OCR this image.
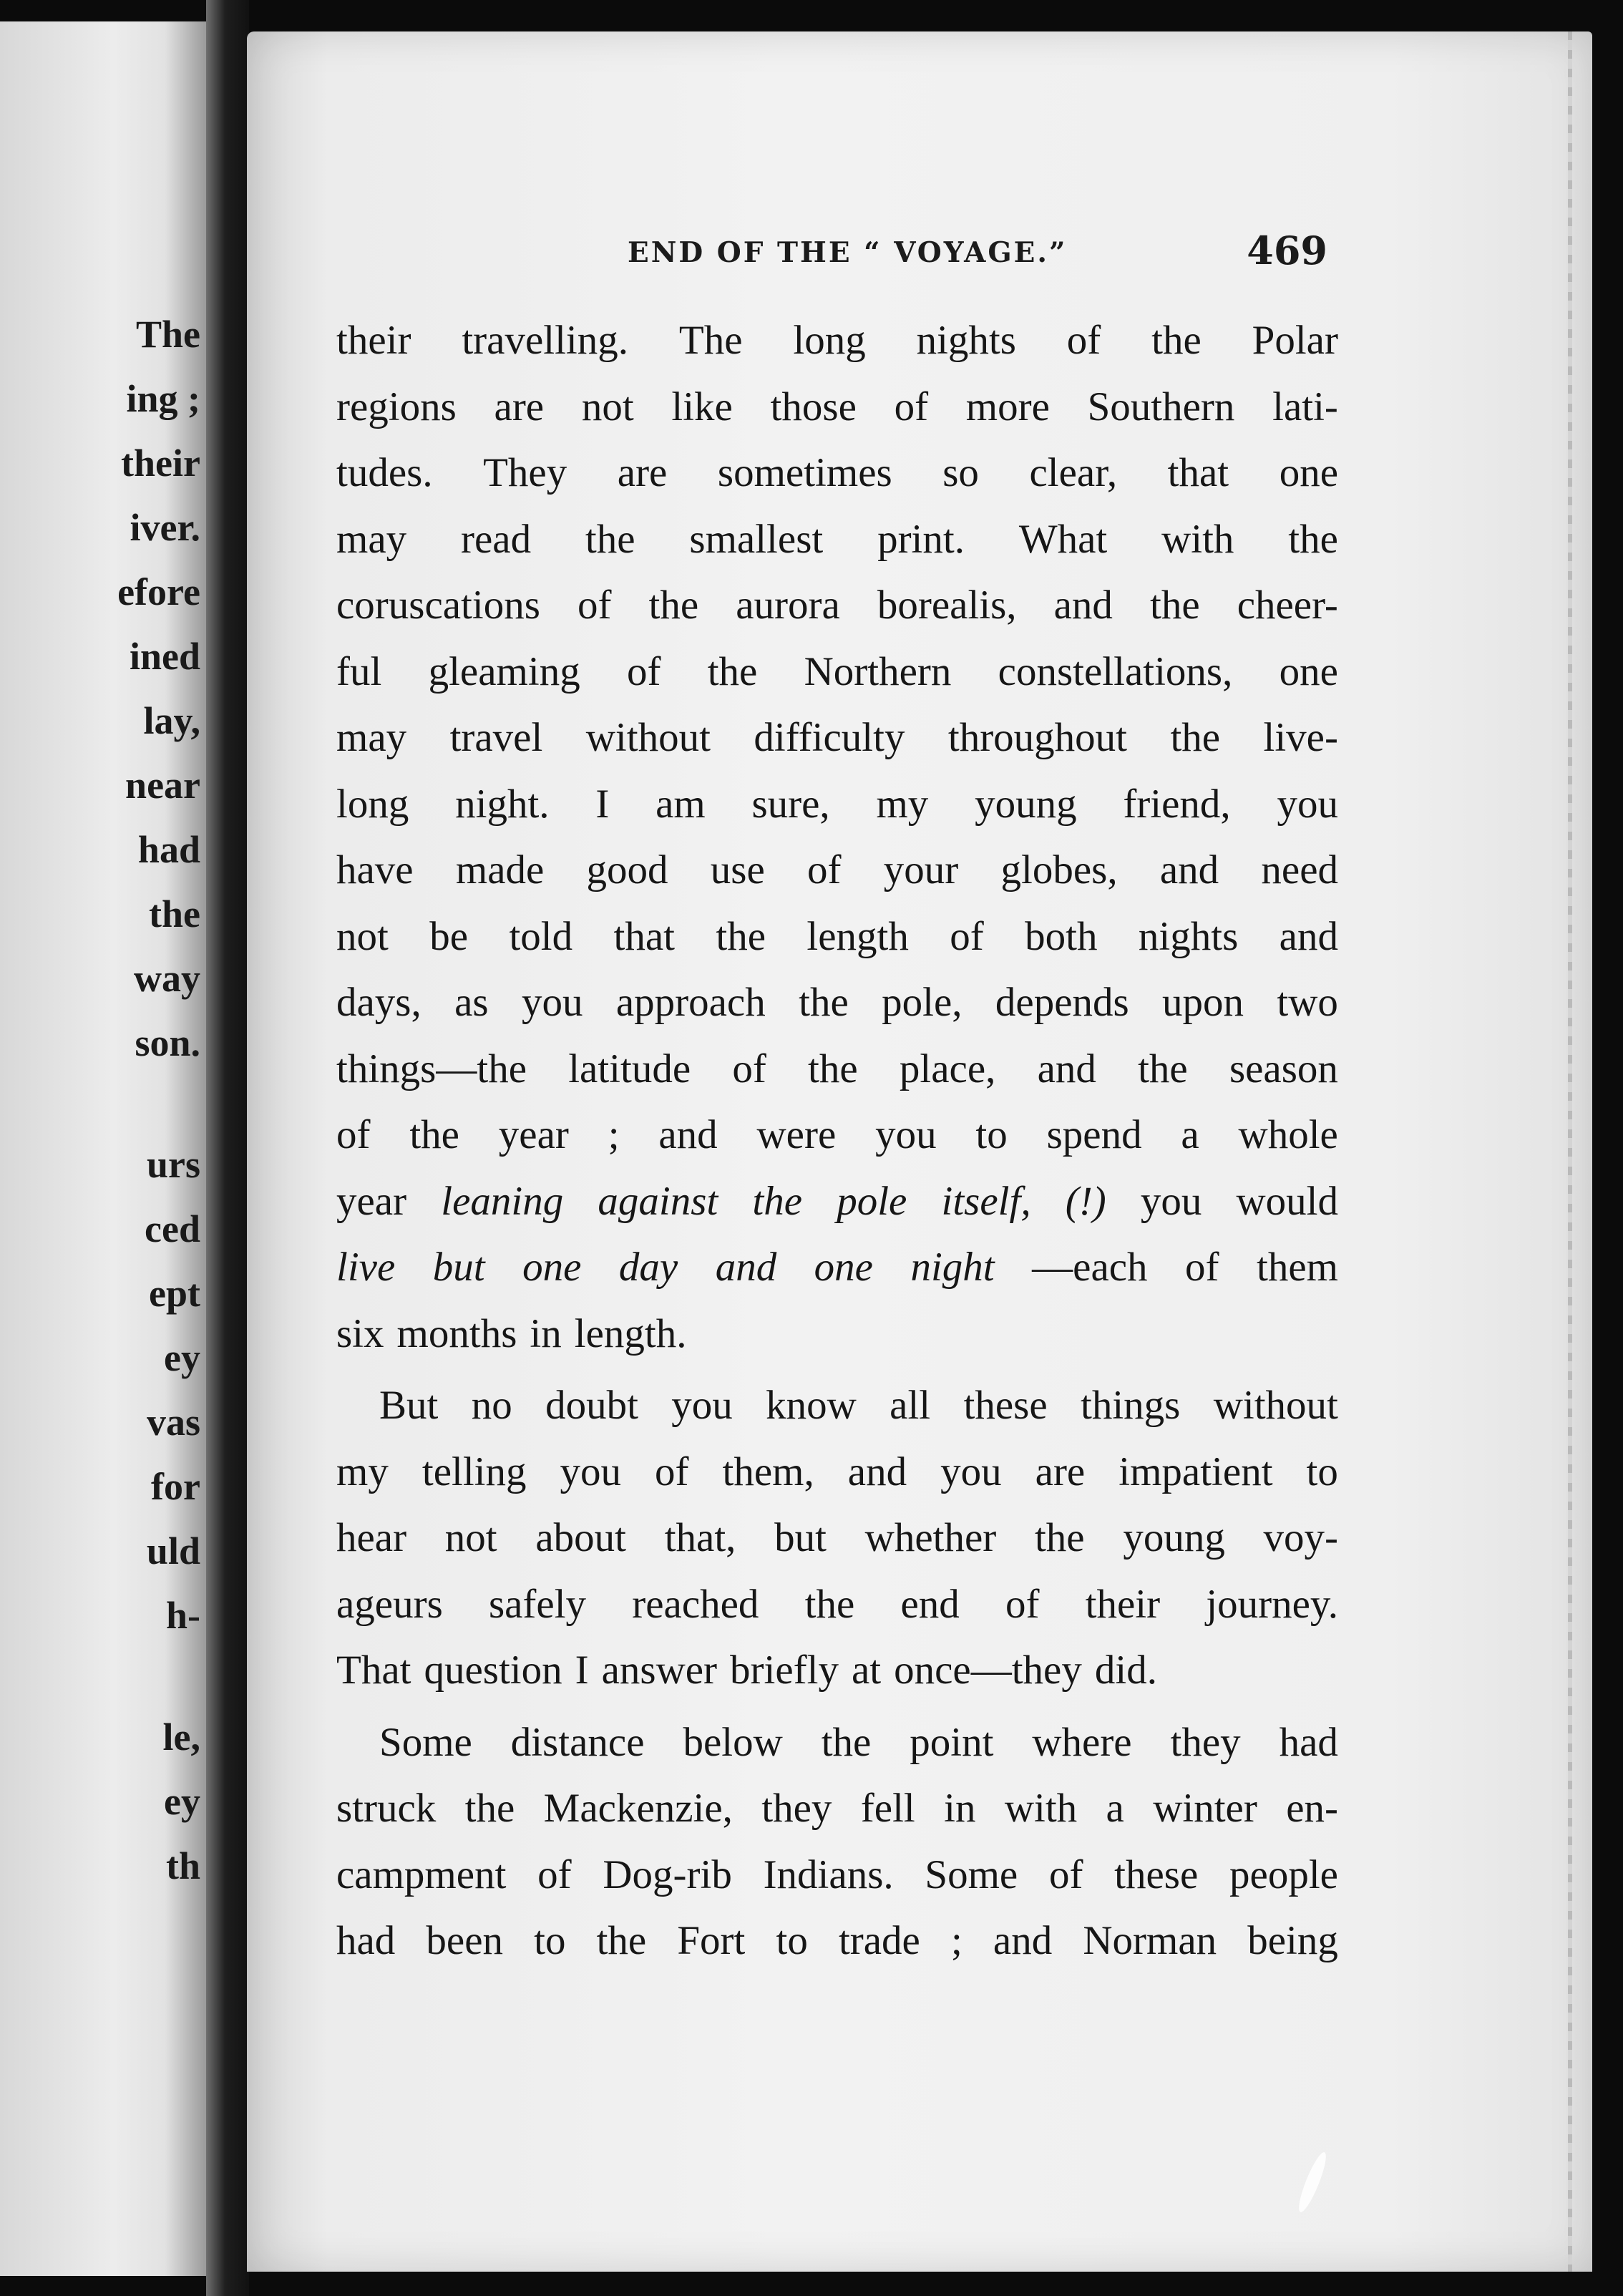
The
ing ;
their
iver.
efore
ined
lay,
near
had
the
way
son.
urs
ced
ept
ey
vas
for
uld
h-
le,
ey
th
END OF THE “ VOYAGE.”	469
their travelling. The long nights of the Polar
regions are not like those of more Southern lati-
tudes. They are sometimes so clear, that one
may read the smallest print. What with the
coruscations of the aurora borealis, and the cheer-
ful gleaming of the Northern constellations, one
may travel without difficulty throughout the live-
long night. I am sure, my young friend, you
have made good use of your globes, and need
not be told that the length of both nights and
days, as you approach the pole, depends upon two
things—the latitude of the place, and the season
of the year ; and were you to spend a whole
year leaning against the pole itself, (!) you would
live but one day and one night —each of them
six months in length.
But no doubt you know all these things without
my telling you of them, and you are impatient to
hear not about that, but whether the young voy-
ageurs safely reached the end of their journey.
That question I answer briefly at once—they did.
Some distance below the point where they had
struck the Mackenzie, they fell in with a winter en-
campment of Dog-rib Indians. Some of these people
had been to the Fort to trade ; and Norman being
